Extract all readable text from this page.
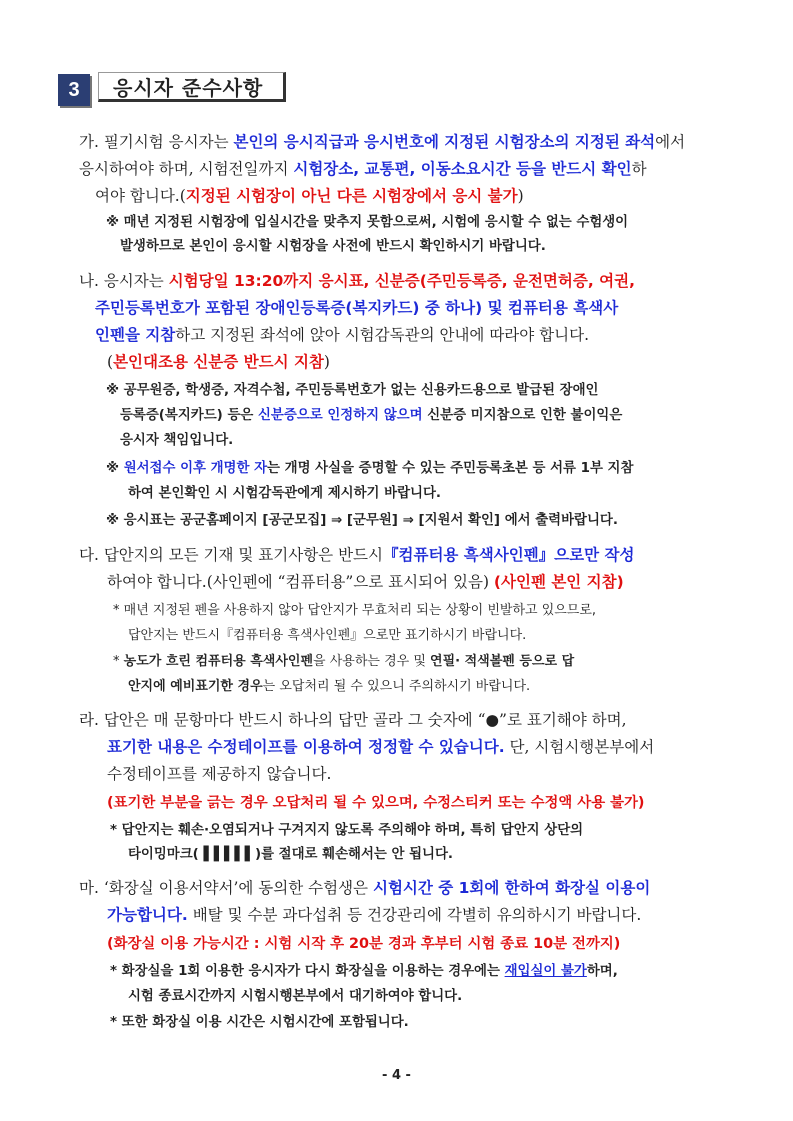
3	응시자 준수사항
가. 필기시험 응시자는 본인의 응시직급과 응시번호에 지정된 시험장소의 지정된 좌석에서
응시하여야 하며, 시험전일까지 시험장소, 교통편, 이동소요시간 등을 반드시 확인하
여야 합니다.(지정된 시험장이 아닌 다른 시험장에서 응시 불가)
※ 매년 지정된 시험장에 입실시간을 맞추지 못함으로써, 시험에 응시할 수 없는 수험생이
발생하므로 본인이 응시할 시험장을 사전에 반드시 확인하시기 바랍니다.
나. 응시자는 시험당일 13:20까지 응시표, 신분증(주민등록증, 운전면허증, 여권,
주민등록번호가 포함된 장애인등록증(복지카드) 중 하나) 및 컴퓨터용 흑색사
인펜을 지참하고 지정된 좌석에 앉아 시험감독관의 안내에 따라야 합니다.
(본인대조용 신분증 반드시 지참)
※ 공무원증, 학생증, 자격수첩, 주민등록번호가 없는 신용카드용으로 발급된 장애인
등록증(복지카드) 등은 신분증으로 인정하지 않으며 신분증 미지참으로 인한 불이익은
응시자 책임입니다.
※ 원서접수 이후 개명한 자는 개명 사실을 증명할 수 있는 주민등록초본 등 서류 1부 지참
하여 본인확인 시 시험감독관에게 제시하기 바랍니다.
※ 응시표는 공군홈페이지 [공군모집] ⇒ [군무원] ⇒ [지원서 확인] 에서 출력바랍니다.
다. 답안지의 모든 기재 및 표기사항은 반드시『컴퓨터용 흑색사인펜』으로만 작성
하여야 합니다.(사인펜에 “컴퓨터용”으로 표시되어 있음) (사인펜 본인 지참)
* 매년 지정된 펜을 사용하지 않아 답안지가 무효처리 되는 상황이 빈발하고 있으므로,
답안지는 반드시『컴퓨터용 흑색사인펜』으로만 표기하시기 바랍니다.
* 농도가 흐린 컴퓨터용 흑색사인펜을 사용하는 경우 및 연필· 적색볼펜 등으로 답
안지에 예비표기한 경우는 오답처리 될 수 있으니 주의하시기 바랍니다.
라. 답안은 매 문항마다 반드시 하나의 답만 골라 그 숫자에 “●”로 표기해야 하며,
표기한 내용은 수정테이프를 이용하여 정정할 수 있습니다. 단, 시험시행본부에서
수정테이프를 제공하지 않습니다.
(표기한 부분을 긁는 경우 오답처리 될 수 있으며, 수정스티커 또는 수정액 사용 불가)
* 답안지는 훼손·오염되거나 구겨지지 않도록 주의해야 하며, 특히 답안지 상단의
타이밍마크( ▌▌▌▌▌)를 절대로 훼손해서는 안 됩니다.
마. ‘화장실 이용서약서’에 동의한 수험생은 시험시간 중 1회에 한하여 화장실 이용이
가능합니다. 배탈 및 수분 과다섭취 등 건강관리에 각별히 유의하시기 바랍니다.
(화장실 이용 가능시간 : 시험 시작 후 20분 경과 후부터 시험 종료 10분 전까지)
* 화장실을 1회 이용한 응시자가 다시 화장실을 이용하는 경우에는 재입실이 불가하며,
시험 종료시간까지 시험시행본부에서 대기하여야 합니다.
* 또한 화장실 이용 시간은 시험시간에 포함됩니다.
- 4 -
